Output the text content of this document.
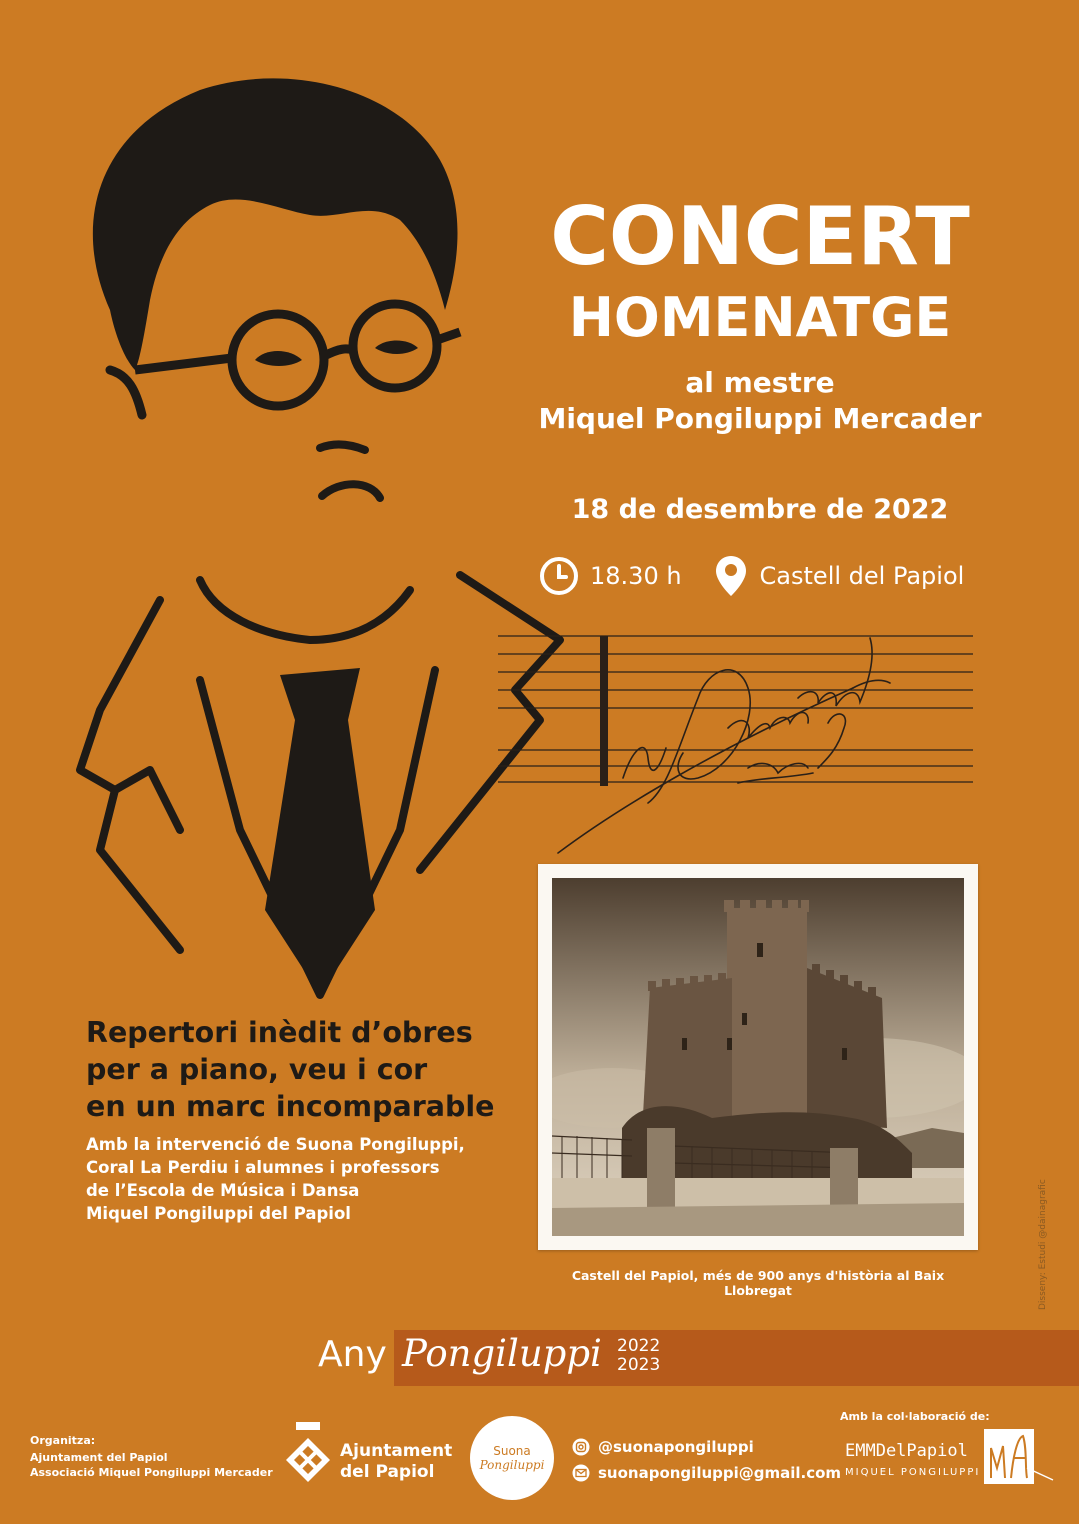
CONCERT
HOMENATGE
al mestre
Miquel Pongiluppi Mercader
18 de desembre de 2022
18.30 h	Castell del Papiol
Castell del Papiol, més de 900 anys d'història al Baix Llobregat
Repertori inèdit d’obres
per a piano, veu i cor
en un marc incomparable
Amb la intervenció de Suona Pongiluppi,
Coral La Perdiu i alumnes i professors
de l’Escola de Música i Dansa
Miquel Pongiluppi del Papiol	Disseny: Estudi @dainagrafic
Any Pongiluppi 2022
2023
Organitza:
Ajuntament del Papiol
Associació Miquel Pongiluppi Mercader
Ajuntament
del Papiol
Suona
Pongiluppi
@suonapongiluppi
suonapongiluppi@gmail.com
Amb la col·laboració de:
EMMDelPapiol
MIQUEL PONGILUPPI
